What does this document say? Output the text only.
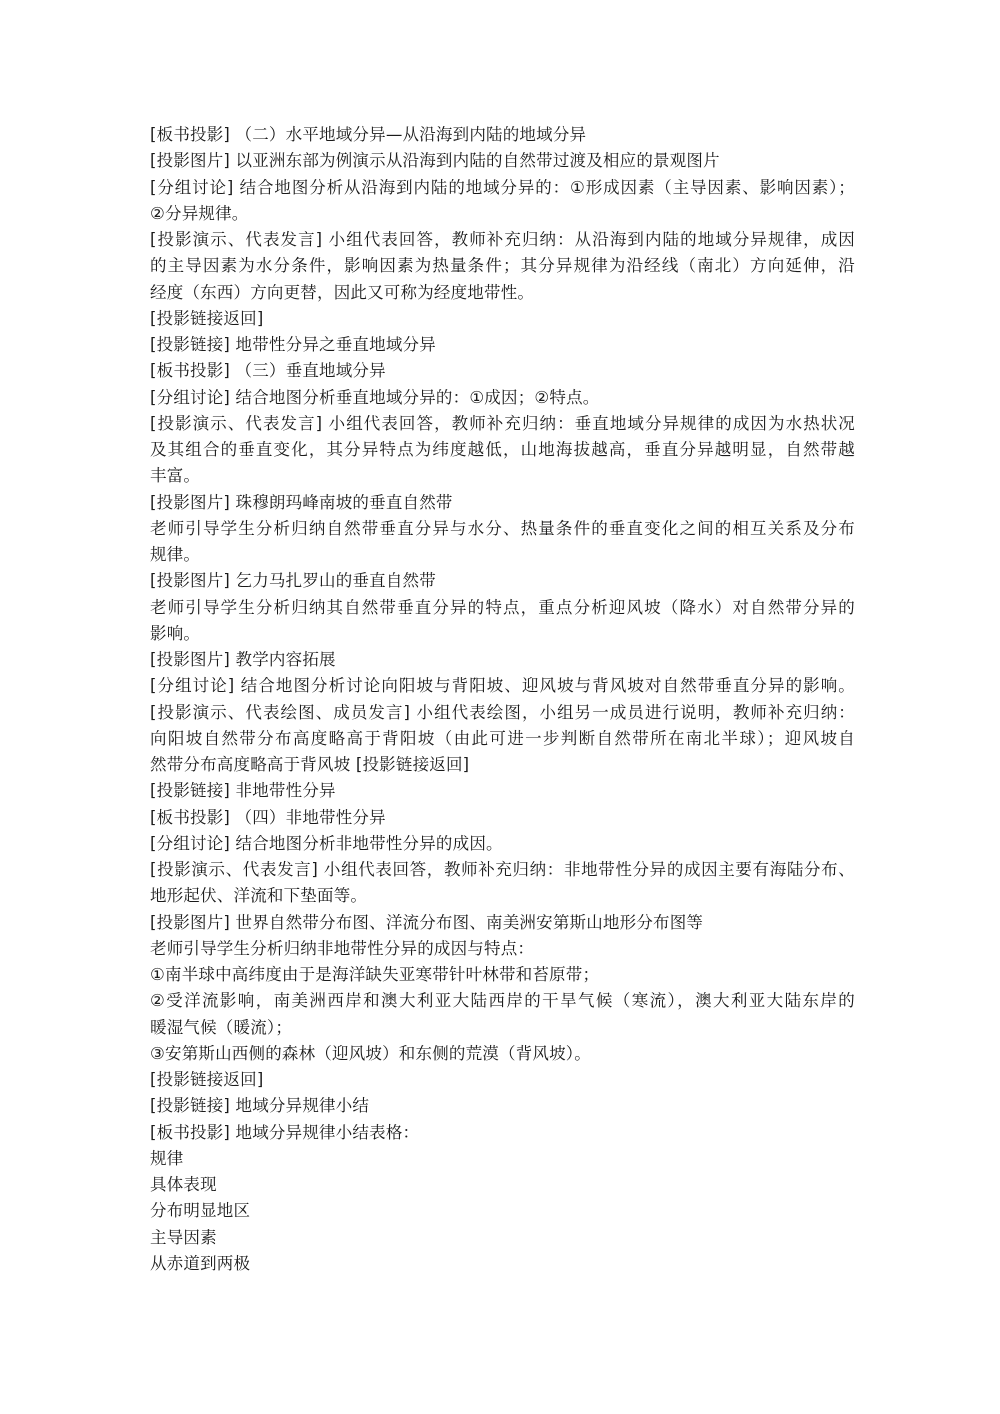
[板书投影] （二）水平地域分异—从沿海到内陆的地域分异
[投影图片] 以亚洲东部为例演示从沿海到内陆的自然带过渡及相应的景观图片
[分组讨论] 结合地图分析从沿海到内陆的地域分异的：①形成因素（主导因素、影响因素）；
②分异规律。
[投影演示、代表发言] 小组代表回答，教师补充归纳：从沿海到内陆的地域分异规律，成因
的主导因素为水分条件，影响因素为热量条件；其分异规律为沿经线（南北）方向延伸，沿
经度（东西）方向更替，因此又可称为经度地带性。
[投影链接返回]
[投影链接] 地带性分异之垂直地域分异
[板书投影] （三）垂直地域分异
[分组讨论] 结合地图分析垂直地域分异的：①成因；②特点。
[投影演示、代表发言] 小组代表回答，教师补充归纳：垂直地域分异规律的成因为水热状况
及其组合的垂直变化，其分异特点为纬度越低，山地海拔越高，垂直分异越明显，自然带越
丰富。
[投影图片] 珠穆朗玛峰南坡的垂直自然带
老师引导学生分析归纳自然带垂直分异与水分、热量条件的垂直变化之间的相互关系及分布
规律。
[投影图片] 乞力马扎罗山的垂直自然带
老师引导学生分析归纳其自然带垂直分异的特点，重点分析迎风坡（降水）对自然带分异的
影响。
[投影图片] 教学内容拓展
[分组讨论] 结合地图分析讨论向阳坡与背阳坡、迎风坡与背风坡对自然带垂直分异的影响。
[投影演示、代表绘图、成员发言] 小组代表绘图，小组另一成员进行说明，教师补充归纳：
向阳坡自然带分布高度略高于背阳坡（由此可进一步判断自然带所在南北半球）；迎风坡自
然带分布高度略高于背风坡 [投影链接返回]
[投影链接] 非地带性分异
[板书投影] （四）非地带性分异
[分组讨论] 结合地图分析非地带性分异的成因。
[投影演示、代表发言] 小组代表回答，教师补充归纳：非地带性分异的成因主要有海陆分布、
地形起伏、洋流和下垫面等。
[投影图片] 世界自然带分布图、洋流分布图、南美洲安第斯山地形分布图等
老师引导学生分析归纳非地带性分异的成因与特点：
①南半球中高纬度由于是海洋缺失亚寒带针叶林带和苔原带；
②受洋流影响，南美洲西岸和澳大利亚大陆西岸的干旱气候（寒流），澳大利亚大陆东岸的
暖湿气候（暖流）；
③安第斯山西侧的森林（迎风坡）和东侧的荒漠（背风坡）。
[投影链接返回]
[投影链接] 地域分异规律小结
[板书投影] 地域分异规律小结表格：
规律
具体表现
分布明显地区
主导因素
从赤道到两极
